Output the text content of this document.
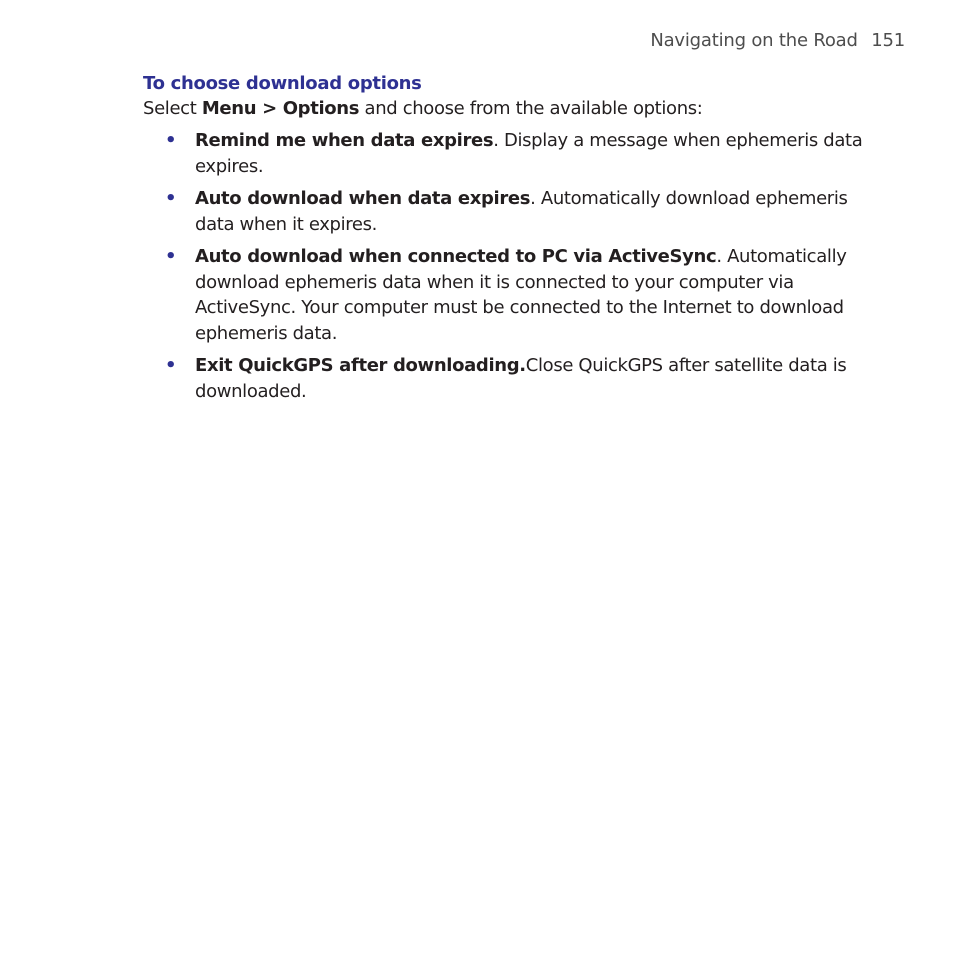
Navigating on the Road 151
To choose download options

Select Menu > Options and choose from the available options:

• Remind me when data expires. Display a message when ephemeris data expires.
• Auto download when data expires. Automatically download ephemeris data when it expires.
• Auto download when connected to PC via ActiveSync. Automatically download ephemeris data when it is connected to your computer via ActiveSync. Your computer must be connected to the Internet to download ephemeris data.
• Exit QuickGPS after downloading.Close QuickGPS after satellite data is downloaded.
